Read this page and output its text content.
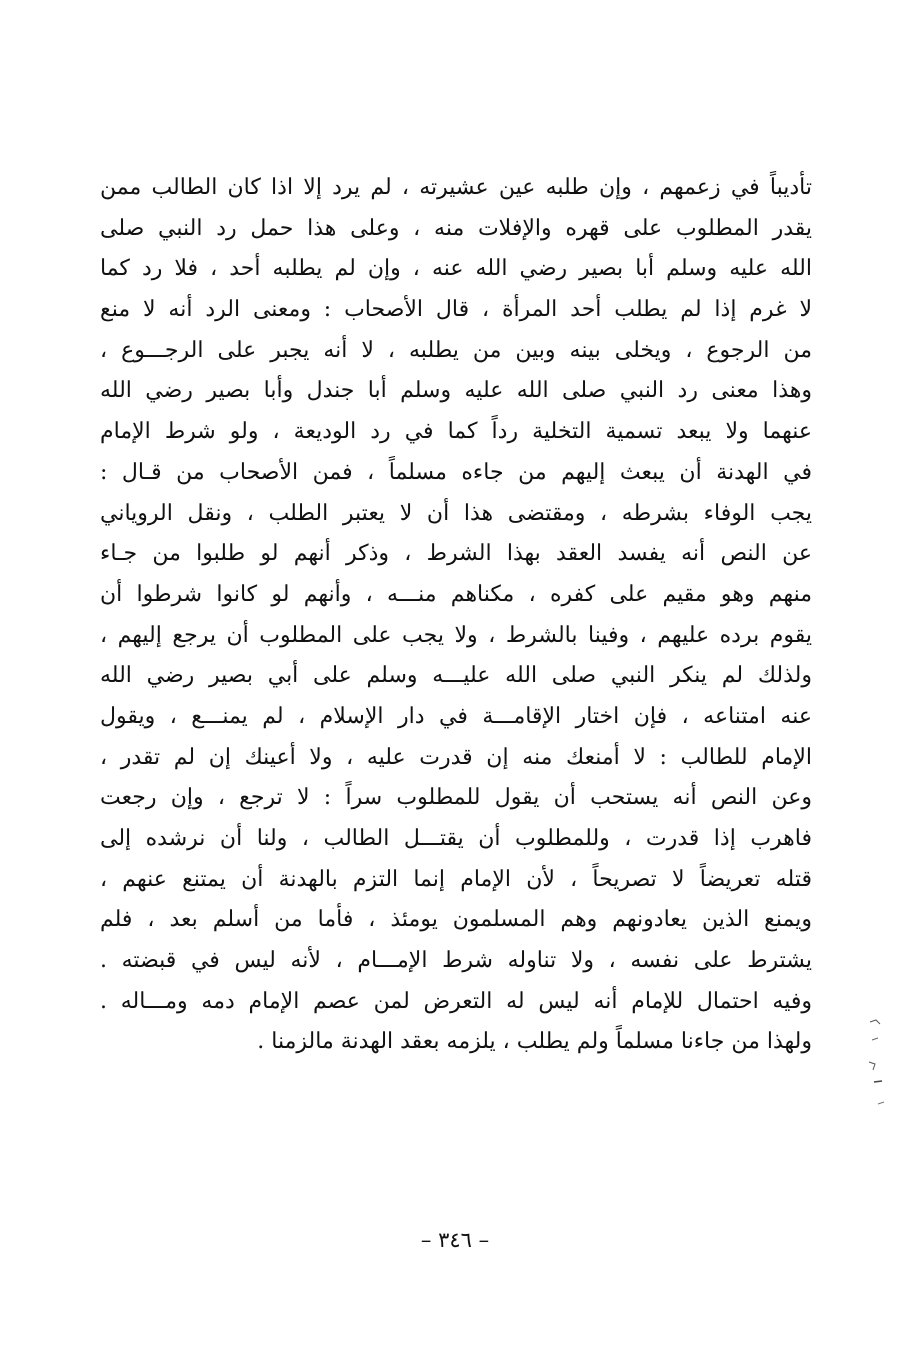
تأديباً في زعمهم ، وإن طلبه عين عشيرته ، لم يرد إلا اذا كان الطالب ممن
يقدر المطلوب على قهره والإفلات منه ، وعلى هذا حمل رد النبي صلى
الله عليه وسلم أبا بصير رضي الله عنه ، وإن لم يطلبه أحد ، فلا رد كما
لا غرم إذا لم يطلب أحد المرأة ، قال الأصحاب : ومعنى الرد أنه لا منع
من الرجوع ، ويخلى بينه وبين من يطلبه ، لا أنه يجبر على الرجـــوع ،
وهذا معنى رد النبي صلى الله عليه وسلم أبا جندل وأبا بصير رضي الله
عنهما ولا يبعد تسمية التخلية رداً كما في رد الوديعة ، ولو شرط الإمام
في الهدنة أن يبعث إليهم من جاءه مسلماً ، فمن الأصحاب من قـال :
يجب الوفاء بشرطه ، ومقتضى هذا أن لا يعتبر الطلب ، ونقل الروياني
عن النص أنه يفسد العقد بهذا الشرط ، وذكر أنهم لو طلبوا من جـاء
منهم وهو مقيم على كفره ، مكناهم منـــه ، وأنهم لو كانوا شرطوا أن
يقوم برده عليهم ، وفينا بالشرط ، ولا يجب على المطلوب أن يرجع إليهم ،
ولذلك لم ينكر النبي صلى الله عليـــه وسلم على أبي بصير رضي الله
عنه امتناعه ، فإن اختار الإقامـــة في دار الإسلام ، لم يمنـــع ، ويقول
الإمام للطالب : لا أمنعك منه إن قدرت عليه ، ولا أعينك إن لم تقدر ،
وعن النص أنه يستحب أن يقول للمطلوب سراً : لا ترجع ، وإن رجعت
فاهرب إذا قدرت ، وللمطلوب أن يقتـــل الطالب ، ولنا أن نرشده إلى
قتله تعريضاً لا تصريحاً ، لأن الإمام إنما التزم بالهدنة أن يمتنع عنهم ،
ويمنع الذين يعادونهم وهم المسلمون يومئذ ، فأما من أسلم بعد ، فلم
يشترط على نفسه ، ولا تناوله شرط الإمـــام ، لأنه ليس في قبضته .
وفيه احتمال للإمام أنه ليس له التعرض لمن عصم الإمام دمه ومـــاله .
ولهذا من جاءنا مسلماً ولم يطلب ، يلزمه بعقد الهدنة مالزمنا .
– ٣٤٦ –
